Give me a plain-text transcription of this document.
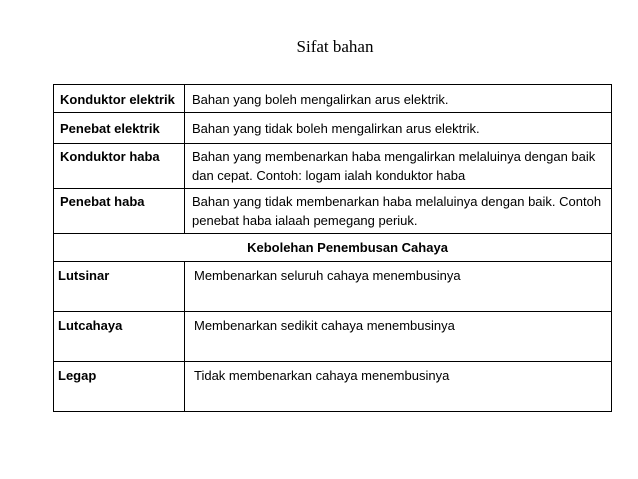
Sifat bahan
Konduktor elektrik	Bahan yang boleh mengalirkan arus elektrik.
Penebat elektrik	Bahan yang tidak boleh mengalirkan arus elektrik.
Konduktor haba	Bahan yang membenarkan haba mengalirkan melaluinya dengan baik dan cepat. Contoh: logam ialah konduktor haba
Penebat haba	Bahan yang tidak membenarkan haba melaluinya dengan baik. Contoh penebat haba ialaah pemegang periuk.
Kebolehan Penembusan Cahaya	
Lutsinar	Membenarkan seluruh cahaya menembusinya
Lutcahaya	Membenarkan sedikit cahaya menembusinya
Legap	Tidak membenarkan cahaya menembusinya
